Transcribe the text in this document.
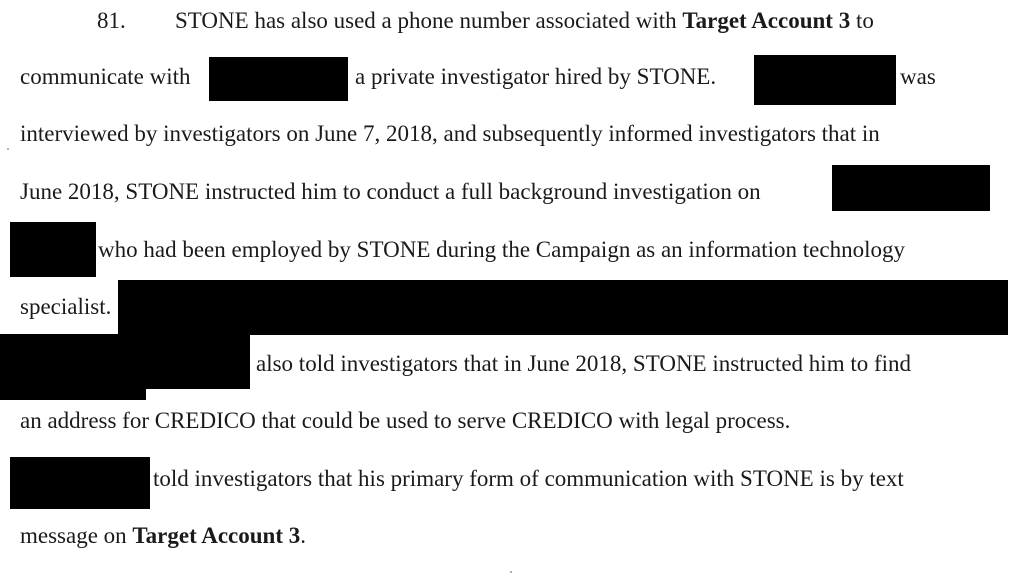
81. STONE has also used a phone number associated with Target Account 3 to
communicate with	a private investigator hired by STONE.	was
interviewed by investigators on June 7, 2018, and subsequently informed investigators that in
June 2018, STONE instructed him to conduct a full background investigation on
who had been employed by STONE during the Campaign as an information technology
specialist.
also told investigators that in June 2018, STONE instructed him to find
an address for CREDICO that could be used to serve CREDICO with legal process.
told investigators that his primary form of communication with STONE is by text
message on Target Account 3.
